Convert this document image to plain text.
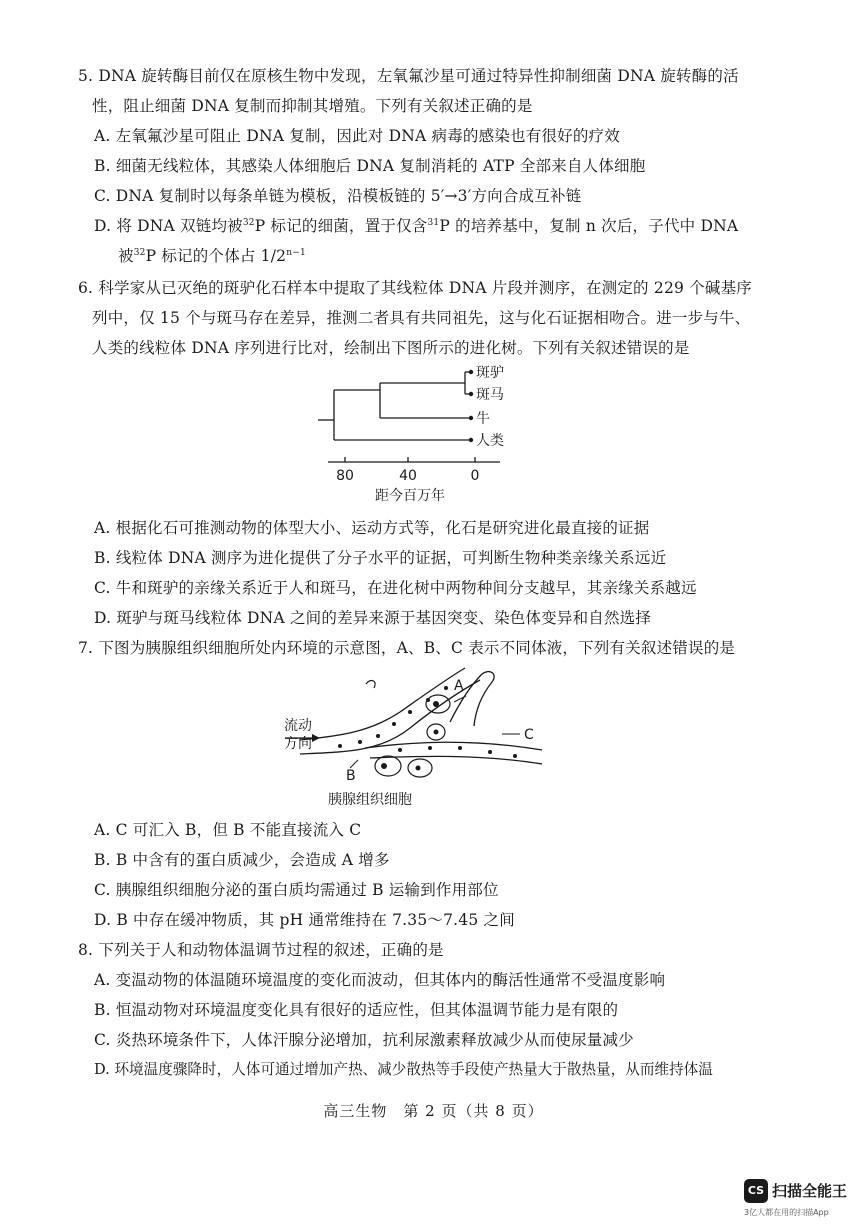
5. DNA 旋转酶目前仅在原核生物中发现，左氧氟沙星可通过特异性抑制细菌 DNA 旋转酶的活
性，阻止细菌 DNA 复制而抑制其增殖。下列有关叙述正确的是
A. 左氧氟沙星可阻止 DNA 复制，因此对 DNA 病毒的感染也有很好的疗效
B. 细菌无线粒体，其感染人体细胞后 DNA 复制消耗的 ATP 全部来自人体细胞
C. DNA 复制时以每条单链为模板，沿模板链的 5′→3′方向合成互补链
D. 将 DNA 双链均被$^{32}$P 标记的细菌，置于仅含$^{31}$P 的培养基中，复制 n 次后，子代中 DNA
被$^{32}$P 标记的个体占 $1/2^{n-1}$
6. 科学家从已灭绝的斑驴化石样本中提取了其线粒体 DNA 片段并测序，在测定的 229 个碱基序
列中，仅 15 个与斑马存在差异，推测二者具有共同祖先，这与化石证据相吻合。进一步与牛、
人类的线粒体 DNA 序列进行比对，绘制出下图所示的进化树。下列有关叙述错误的是
斑驴
斑马
牛
人类
80	40	0
距今百万年
A. 根据化石可推测动物的体型大小、运动方式等，化石是研究进化最直接的证据
B. 线粒体 DNA 测序为进化提供了分子水平的证据，可判断生物种类亲缘关系远近
C. 牛和斑驴的亲缘关系近于人和斑马，在进化树中两物种间分支越早，其亲缘关系越远
D. 斑驴与斑马线粒体 DNA 之间的差异来源于基因突变、染色体变异和自然选择
7. 下图为胰腺组织细胞所处内环境的示意图，A、B、C 表示不同体液，下列有关叙述错误的是
流动
方向
A
B
C
胰腺组织细胞
A. C 可汇入 B，但 B 不能直接流入 C
B. B 中含有的蛋白质减少，会造成 A 增多
C. 胰腺组织细胞分泌的蛋白质均需通过 B 运输到作用部位
D. B 中存在缓冲物质，其 pH 通常维持在 7.35～7.45 之间
8. 下列关于人和动物体温调节过程的叙述，正确的是
A. 变温动物的体温随环境温度的变化而波动，但其体内的酶活性通常不受温度影响
B. 恒温动物对环境温度变化具有很好的适应性，但其体温调节能力是有限的
C. 炎热环境条件下，人体汗腺分泌增加，抗利尿激素释放减少从而使尿量减少
D. 环境温度骤降时，人体可通过增加产热、减少散热等手段使产热量大于散热量，从而维持体温
高三生物　第 2 页（共 8 页）
CS 扫描全能王
3亿人都在用的扫描App
